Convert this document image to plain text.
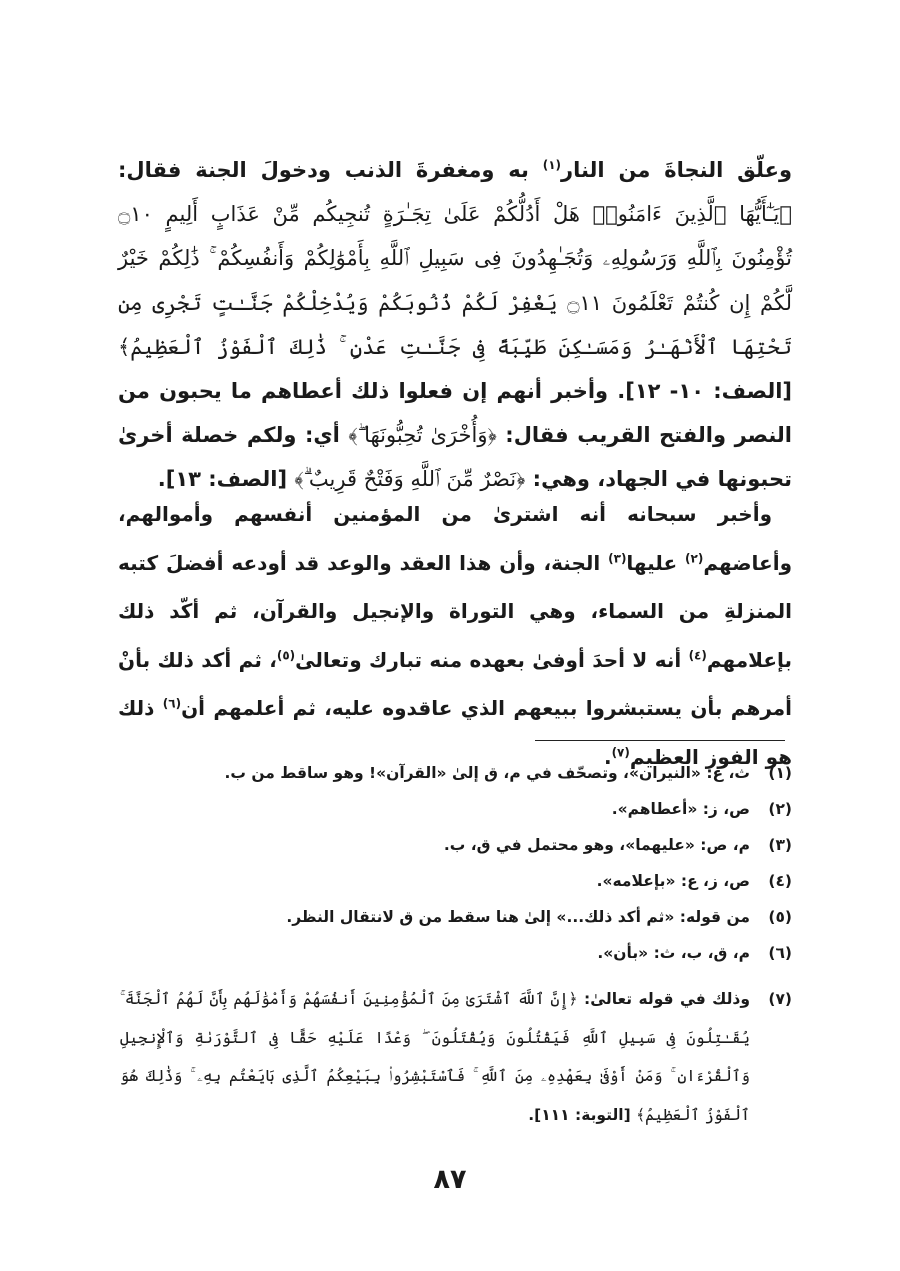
وعلّق النجاةَ من النار$^{(١)}$ به ومغفرةَ الذنب ودخولَ الجنة فقال: ﴿يَـٰٓأَيُّهَا ٱلَّذِينَ ءَامَنُوا۟ هَلْ أَدُلُّكُمْ عَلَىٰ تِجَـٰرَةٍ تُنجِيكُم مِّنْ عَذَابٍ أَلِيمٍ ۝١٠ تُؤْمِنُونَ بِٱللَّهِ وَرَسُولِهِۦ وَتُجَـٰهِدُونَ فِى سَبِيلِ ٱللَّهِ بِأَمْوَٰلِكُمْ وَأَنفُسِكُمْ ۚ ذَٰلِكُمْ خَيْرٌ لَّكُمْ إِن كُنتُمْ تَعْلَمُونَ ۝١١ يَغْفِرْ لَكُمْ ذُنُوبَكُمْ وَيُدْخِلْكُمْ جَنَّـٰتٍ تَجْرِى مِن تَحْتِهَا ٱلْأَنْهَـٰرُ وَمَسَـٰكِنَ طَيِّبَةً فِى جَنَّـٰتِ عَدْنٍ ۚ ذَٰلِكَ ٱلْفَوْزُ ٱلْعَظِيمُ﴾ [الصف: ١٠- ١٢]. وأخبر أنهم إن فعلوا ذلك أعطاهم ما يحبون من النصر والفتح القريب فقال: ﴿وَأُخْرَىٰ تُحِبُّونَهَا ۖ﴾ أي: ولكم خصلة أخرىٰ تحبونها في الجهاد، وهي: ﴿نَصْرٌ مِّنَ ٱللَّهِ وَفَتْحٌ قَرِيبٌ ۗ﴾ [الصف: ١٣].
 وأخبر سبحانه أنه اشترىٰ من المؤمنين أنفسهم وأموالهم، وأعاضهم$^{(٢)}$ عليها$^{(٣)}$ الجنة، وأن هذا العقد والوعد قد أودعه أفضلَ كتبه المنزلةِ من السماء، وهي التوراة والإنجيل والقرآن، ثم أكّد ذلك بإعلامهم$^{(٤)}$ أنه لا أحدَ أوفىٰ بعهده منه تبارك وتعالىٰ$^{(٥)}$، ثم أكد ذلك بأنْ أمرهم بأن يستبشروا ببيعهم الذي عاقدوه عليه، ثم أعلمهم أن$^{(٦)}$ ذلك هو الفوز العظيم$^{(٧)}$.
(١)
ث، ع: «النيران»، وتصحّف في م، ق إلىٰ «القرآن»! وهو ساقط من ب.
(٢)
ص، ز: «أعطاهم».
(٣)
م، ص: «عليهما»، وهو محتمل في ق، ب.
(٤)
ص، ز، ع: «بإعلامه».
(٥)
من قوله: «ثم أكد ذلك...» إلىٰ هنا سقط من ق لانتقال النظر.
(٦)
م، ق، ب، ث: «بأن».
(٧)
وذلك في قوله تعالىٰ: ﴿إِنَّ ٱللَّهَ ٱشْتَرَىٰ مِنَ ٱلْمُؤْمِنِينَ أَنفُسَهُمْ وَأَمْوَٰلَهُم بِأَنَّ لَهُمُ ٱلْجَنَّةَ ۚ يُقَـٰتِلُونَ فِى سَبِيلِ ٱللَّهِ فَيَقْتُلُونَ وَيُقْتَلُونَ ۖ وَعْدًا عَلَيْهِ حَقًّا فِى ٱلتَّوْرَىٰةِ وَٱلْإِنجِيلِ وَٱلْقُرْءَانِ ۚ وَمَنْ أَوْفَىٰ بِعَهْدِهِۦ مِنَ ٱللَّهِ ۚ فَٱسْتَبْشِرُوا۟ بِبَيْعِكُمُ ٱلَّذِى بَايَعْتُم بِهِۦ ۚ وَذَٰلِكَ هُوَ ٱلْفَوْزُ ٱلْعَظِيمُ﴾ [التوبة: ١١١].
٨٧
